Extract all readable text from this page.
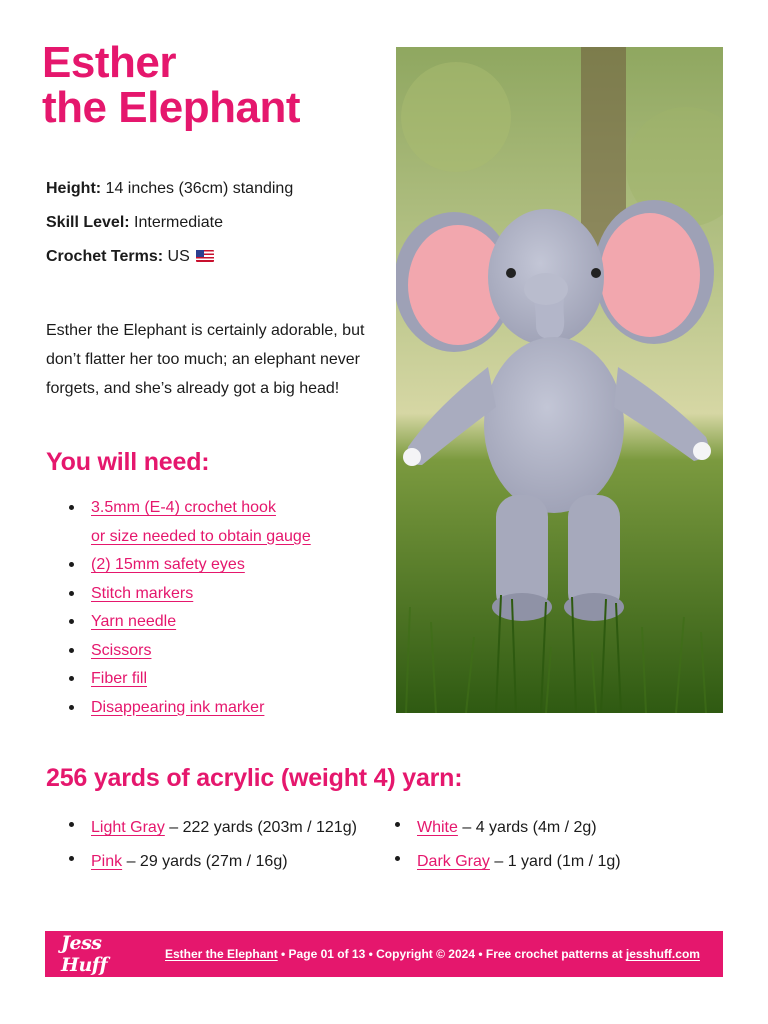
Esther
the Elephant
Height: 14 inches (36cm) standing
Skill Level: Intermediate
Crochet Terms: US

Esther the Elephant is certainly adorable, but don’t flatter her too much; an elephant never forgets, and she’s already got a big head!

You will need:
3.5mm (E-4) crochet hook
or size needed to obtain gauge
(2) 15mm safety eyes
Stitch markers
Yarn needle
Scissors
Fiber fill
Disappearing ink marker
256 yards of acrylic (weight 4) yarn:
Light Gray – 222 yards (203m / 121g)
Pink – 29 yards (27m / 16g)
White – 4 yards (4m / 2g)
Dark Gray – 1 yard (1m / 1g)
Jess Huff	Esther the Elephant • Page 01 of 13 • Copyright © 2024 • Free crochet patterns at jesshuff.com
